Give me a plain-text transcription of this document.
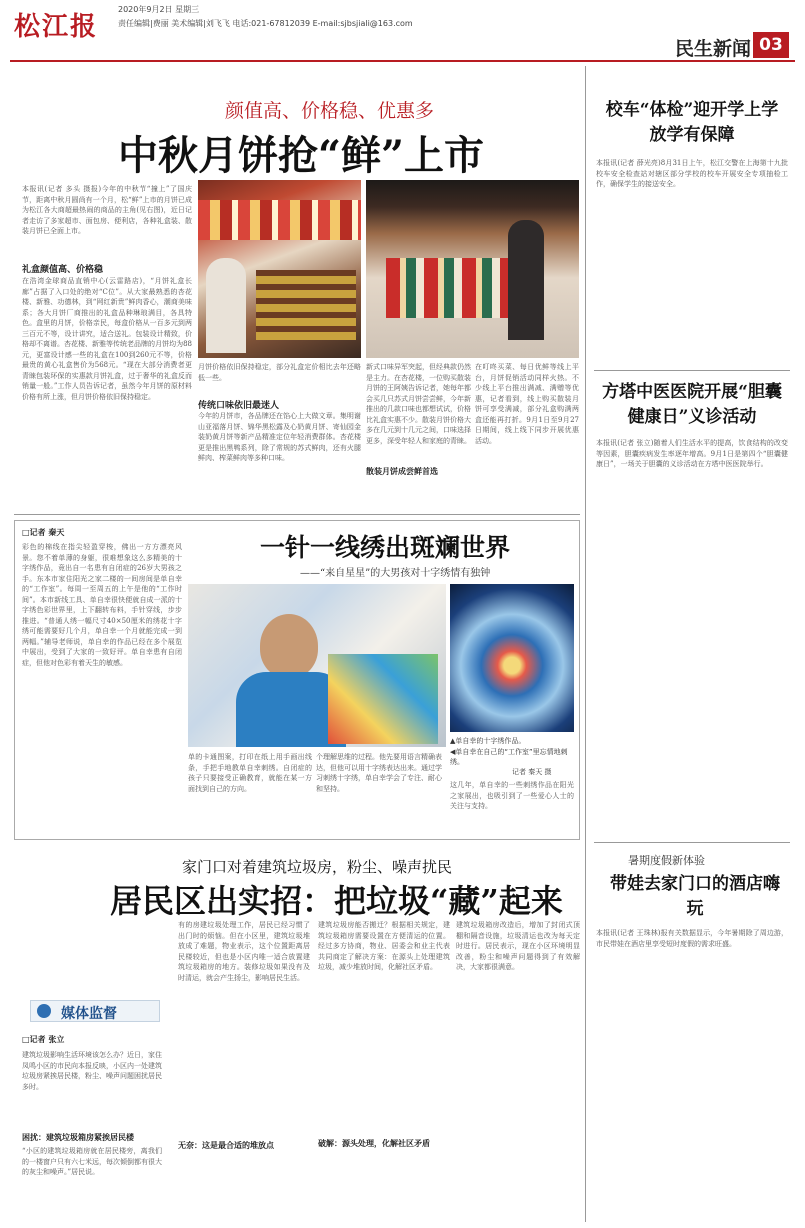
松江报
2020年9月2日 星期三
责任编辑|费丽 美术编辑|刘飞飞 电话:021-67812039 E-mail:sjbsjiali@163.com
民生新闻 03
颜值高、价格稳、优惠多
中秋月饼抢“鲜”上市
本报讯(记者 多头 摄报)今年的中秋节“撞上”了国庆节，距离中秋月圆尚有一个月，松“鲜”上市的月饼已成为松江各大商超最热闹的商品的主角(见右图)，近日记者走访了多家超市、面包房、便利店，各种礼盒装、散装月饼已全面上市。
礼盒颜值高、价格稳
在浩湾金球商品直销中心(云雷路店)，“月饼礼盒长廊”占据了入口处的绝对“C位”。从大家最熟悉的杏花楼、新雅、功德林，到“网红新贵”鲜肉香心，潮商美味系；各大月饼厂商推出的礼盒品种琳琅满目，各具特色。盒里的月饼，价格亲民，每盒价格从一百多元到两三百元不等，设计讲究，适合送礼。包装设计精致，价格却不离谱。杏花楼、新雅等传统老品牌的月饼均为88元，更富设计感一些的礼盒在100到260元不等，价格最贵的黄心礼盒售价为568元。“现在大部分消费者更青睐包装环保的实惠款月饼礼盒，过于奢华的礼盒反而销量一般。”工作人员告诉记者，虽然今年月饼的原材料价格有所上涨，但月饼价格依旧保持稳定。
月饼价格依旧保持稳定，部分礼盒定价相比去年还略低一些。
传统口味依旧最迷人
今年的月饼市，各品牌还在馅心上大做文章。集明谢山亚福落月饼、锦华黑松露及心奶黄月饼、寄仙园金装奶黄月饼等新产品精准定位年轻消费群体。杏花楼更是推出黑鸭系列，除了常规的苏式鲜肉，还有火腿鲜肉、榨菜鲜肉等多种口味。
新式口味异军突起，但经典款仍然是主力。在杏花楼，一位购买散装月饼的王阿姨告诉记者，她每年都会买几只苏式月饼尝尝鲜，今年新推出的几款口味也都想试试，价格比礼盒实惠不少。散装月饼价格大多在几元到十几元之间，口味选择更多，深受年轻人和家庭的青睐。
散装月饼成尝鲜首选
在叮咚买菜、每日优鲜等线上平台，月饼促销活动同样火热。不少线上平台推出满减、满赠等优惠，记者看到，线上购买散装月饼可享受满减，部分礼盒购满两盒还能再打折。9月1日至9月27日期间，线上线下同步开展优惠活动。
□记者 秦天
彩色的棉线在指尖轻盈穿梭，佛出一方方漂亮风景。您不着单薄的身躯，很难想象这么多精美的十字绣作品，竟出自一名患有自闭症的26岁大男孩之手。东本市家住阳光之家二楼的一间房间是单自幸的“工作室”。每周一至周五的上午是他的“工作时间”。本市新线工具、单自幸很快便就自成一派的十字绣色彩世界里，上下翻转布料，手针穿线，步步推进。“普通人绣一幅尺寸40×50厘米的绣花十字绣可能需要好几个月，单自幸一个月就能完成一到两幅。”辅导老师说，单自幸的作品已经在多个展览中展出，受到了大家的一致好评。单自幸患有自闭症，但他对色彩有着天生的敏感。
一针一线绣出斑斓世界
——“来自星星”的大男孩对十字绣情有独钟
▲单自幸的十字绣作品。
◀单自幸在自己的“工作室”里忘情地刺绣。
记者 秦天 摄
单的卡通图案，打印在纸上用手画出线条，手把手地教单自幸刺绣。自闭症的孩子只要接受正确教育，就能在某一方面找到自己的方向。
个理解思维的过程。他先要用语言精确表达，但他可以用十字绣表达出来。通过学习刺绣十字绣，单自幸学会了专注、耐心和坚持。	这几年，单自幸的一些刺绣作品在阳光之家展出，也吸引到了一些爱心人士的关注与支持。
家门口对着建筑垃圾房，粉尘、噪声扰民
居民区出实招：把垃圾“藏”起来
媒体监督
□记者 张立
建筑垃圾影响生活环境该怎么办？近日，家住凤鸣小区的市民向本报反映，小区内一处建筑垃圾房紧挨居民楼，粉尘、噪声问题困扰居民多时。
困扰：建筑垃圾箱房紧挨居民楼
“小区的建筑垃圾箱房就在居民楼旁，离我们的一楼窗户只有六七米远，每次倾倒都有很大的灰尘和噪声。”居民说。
有的房建垃圾处理工作，居民已经习惯了出门时的烦恼。但在小区里，建筑垃圾堆放成了难题，物业表示，这个位置距离居民楼较近，但也是小区内唯一适合放置建筑垃圾箱房的地方。装修垃圾如果没有及时清运，就会产生扬尘，影响居民生活。
无奈：这是最合适的堆放点
建筑垃圾房能否搬迁？根据相关规定，建筑垃圾箱房需要设置在方便清运的位置。经过多方协商，物业、居委会和业主代表共同商定了解决方案：在源头上处理建筑垃圾，减少堆放时间，化解社区矛盾。
破解：源头处理，化解社区矛盾
建筑垃圾箱房改造后，增加了封闭式顶棚和隔音设施，垃圾清运也改为每天定时进行。居民表示，现在小区环境明显改善，粉尘和噪声问题得到了有效解决，大家都很满意。
校车“体检”迎开学上学放学有保障
本报讯(记者 薛光亮)8月31日上午，松江交警在上海第十九批校车安全检查站对辖区部分学校的校车开展安全专项抽检工作，确保学生的接送安全。
方塔中医医院开展“胆囊健康日”义诊活动
本报讯(记者 张立)随着人们生活水平的提高，饮食结构的改变等因素，胆囊疾病发生率逐年增高。9月1日是第四个“胆囊健康日”，一场关于胆囊的义诊活动在方塔中医医院举行。
暑期度假新体验
带娃去家门口的酒店嗨玩
本报讯(记者 王珠林)报有关数据显示，今年暑期除了周边游，市民带娃在酒店里享受短时度假的需求旺盛。
